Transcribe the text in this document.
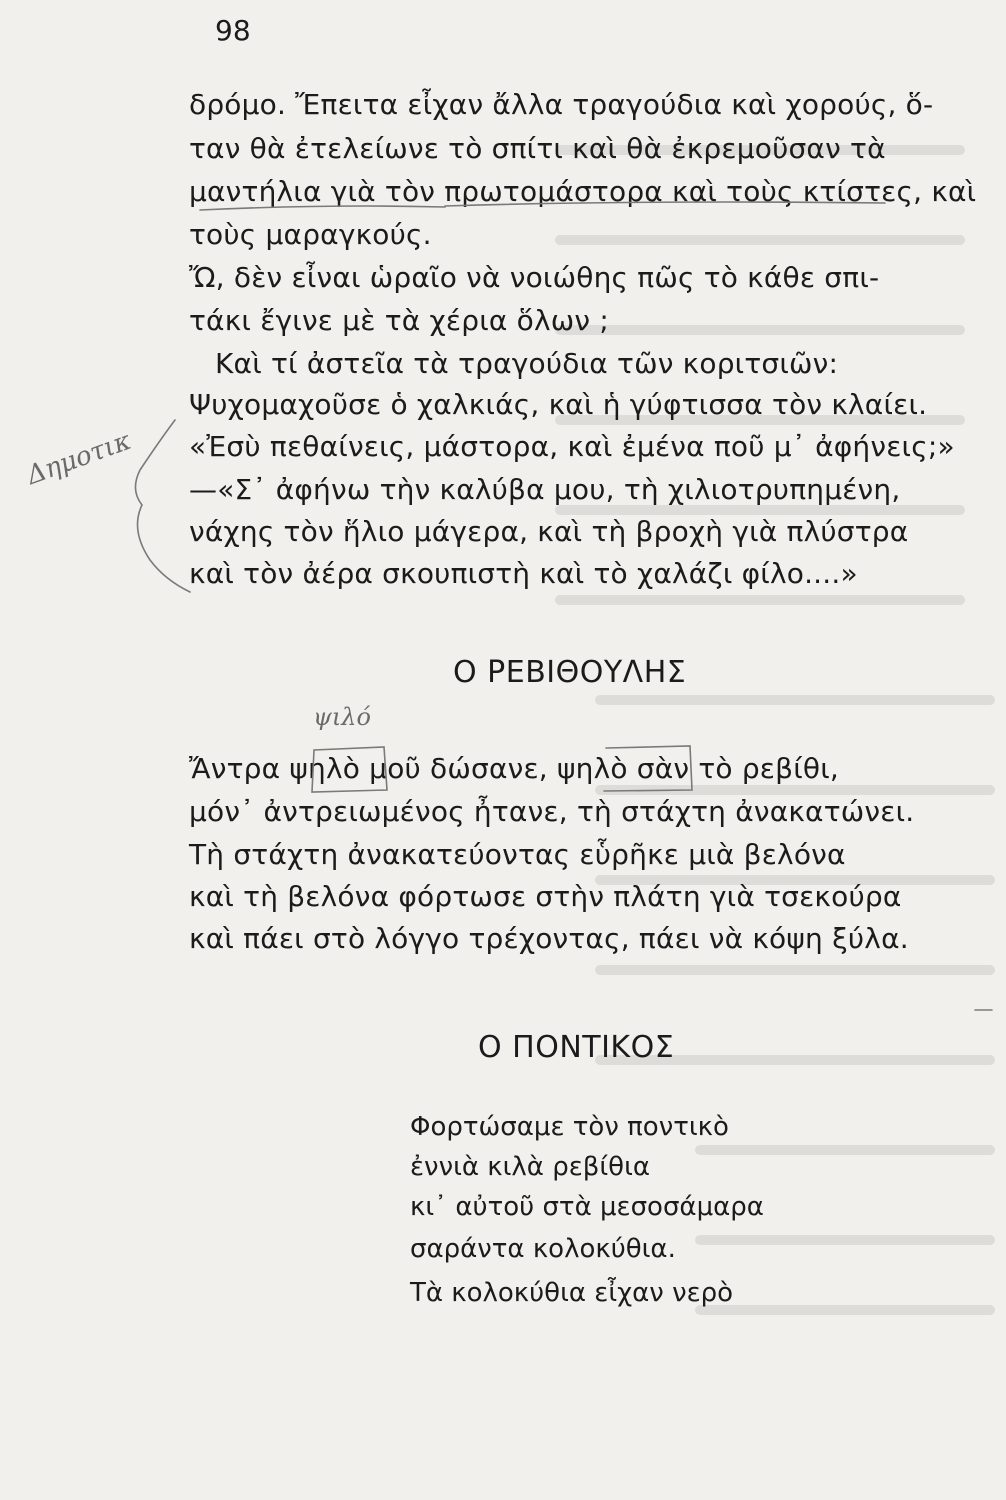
98
δρόμο. Ἔπειτα εἶχαν ἄλλα τραγούδια καὶ χορούς, ὅ-
ταν θὰ ἐτελείωνε τὸ σπίτι καὶ θὰ ἐκρεμοῦσαν τὰ
μαντήλια γιὰ τὸν πρωτομάστορα καὶ τοὺς κτίστες, καὶ
τοὺς μαραγκούς.
Ὤ, δὲν εἶναι ὡραῖο νὰ νοιώθης πῶς τὸ κάθε σπι-
τάκι ἔγινε μὲ τὰ χέρια ὅλων ;
Καὶ τί ἀστεῖα τὰ τραγούδια τῶν κοριτσιῶν:
Ψυχομαχοῦσε ὁ χαλκιάς, καὶ ἡ γύφτισσα τὸν κλαίει.
«Ἐσὺ πεθαίνεις, μάστορα, καὶ ἐμένα ποῦ μ᾿ ἀφήνεις;»
—«Σ᾿ ἀφήνω τὴν καλύβα μου, τὴ χιλιοτρυπημένη,
νάχης τὸν ἥλιο μάγερα, καὶ τὴ βροχὴ γιὰ πλύστρα
καὶ τὸν ἀέρα σκουπιστὴ καὶ τὸ χαλάζι φίλο....»
Ο ΡΕΒΙΘΟΥΛΗΣ
Ἄντρα ψηλὸ μοῦ δώσανε, ψηλὸ σὰν τὸ ρεβίθι,
μόν᾿ ἀντρειωμένος ἦτανε, τὴ στάχτη ἀνακατώνει.
Τὴ στάχτη ἀνακατεύοντας εὗρῆκε μιὰ βελόνα
καὶ τὴ βελόνα φόρτωσε στὴν πλάτη γιὰ τσεκούρα
καὶ πάει στὸ λόγγο τρέχοντας, πάει νὰ κόψη ξύλα.
Ο ΠΟΝΤΙΚΟΣ
Φορτώσαμε τὸν ποντικὸ
ἐννιὰ κιλὰ ρεβίθια
κι᾿ αὐτοῦ στὰ μεσοσάμαρα
σαράντα κολοκύθια.
Τὰ κολοκύθια εἶχαν νερὸ
Δημοτικ
ψιλό
